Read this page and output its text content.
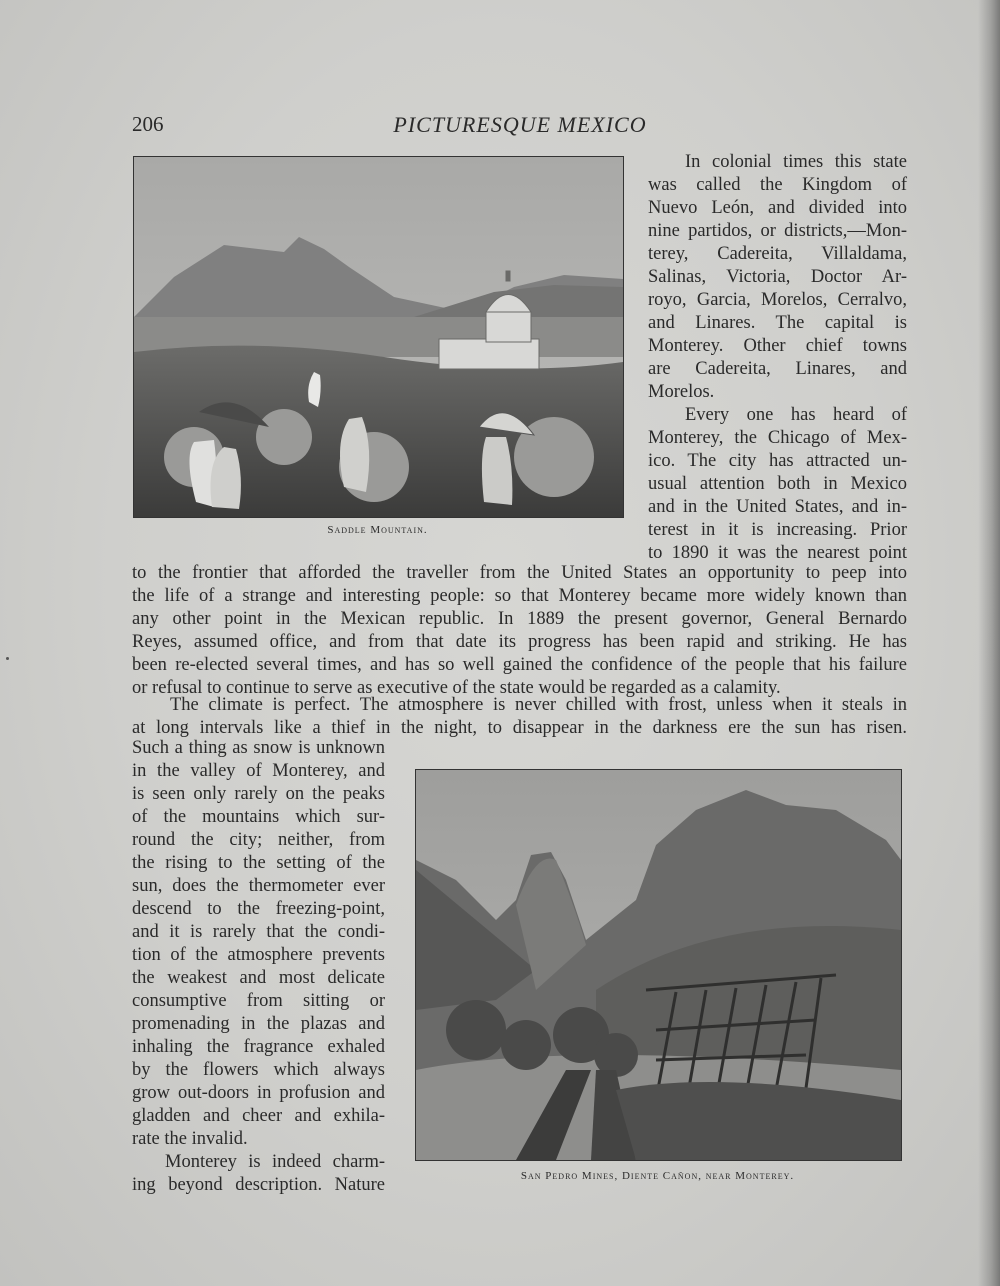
206	PICTURESQUE MEXICO
Saddle Mountain.
San Pedro Mines, Diente Cañon, near Monterey.
In colonial times this state
was called the Kingdom of
Nuevo León, and divided into
nine partidos, or districts,—Mon-
terey, Cadereita, Villaldama,
Salinas, Victoria, Doctor Ar-
royo, Garcia, Morelos, Cerralvo,
and Linares. The capital is
Monterey. Other chief towns
are Cadereita, Linares, and
Morelos.
Every one has heard of
Monterey, the Chicago of Mex-
ico. The city has attracted un-
usual attention both in Mexico
and in the United States, and in-
terest in it is increasing. Prior
to 1890 it was the nearest point
to the frontier that afforded the traveller from the United States an opportunity to peep into
the life of a strange and interesting people: so that Monterey became more widely known than
any other point in the Mexican republic. In 1889 the present governor, General Bernardo
Reyes, assumed office, and from that date its progress has been rapid and striking. He has
been re-elected several times, and has so well gained the confidence of the people that his failure
or refusal to continue to serve as executive of the state would be regarded as a calamity.
The climate is perfect. The atmosphere is never chilled with frost, unless when it steals in
at long intervals like a thief in the night, to disappear in the darkness ere the sun has risen.
Such a thing as snow is unknown
in the valley of Monterey, and
is seen only rarely on the peaks
of the mountains which sur-
round the city; neither, from
the rising to the setting of the
sun, does the thermometer ever
descend to the freezing-point,
and it is rarely that the condi-
tion of the atmosphere prevents
the weakest and most delicate
consumptive from sitting or
promenading in the plazas and
inhaling the fragrance exhaled
by the flowers which always
grow out-doors in profusion and
gladden and cheer and exhila-
rate the invalid.
Monterey is indeed charm-
ing beyond description. Nature
